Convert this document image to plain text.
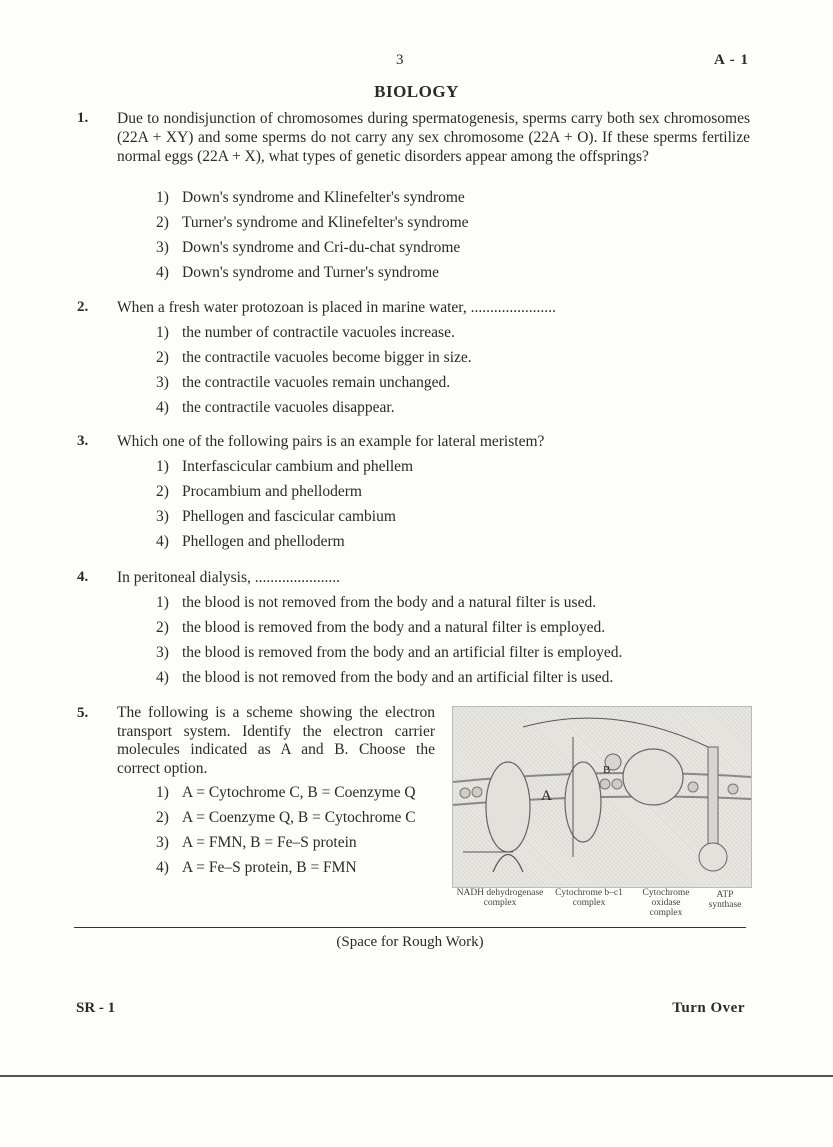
3	A - 1
BIOLOGY
1. Due to nondisjunction of chromosomes during spermatogenesis, sperms carry both sex chromosomes (22A + XY) and some sperms do not carry any sex chromosome (22A + O). If these sperms fertilize normal eggs (22A + X), what types of genetic disorders appear among the offsprings?
1) Down's syndrome and Klinefelter's syndrome
2) Turner's syndrome and Klinefelter's syndrome
3) Down's syndrome and Cri-du-chat syndrome
4) Down's syndrome and Turner's syndrome
2. When a fresh water protozoan is placed in marine water, ......................
1) the number of contractile vacuoles increase.
2) the contractile vacuoles become bigger in size.
3) the contractile vacuoles remain unchanged.
4) the contractile vacuoles disappear.
3. Which one of the following pairs is an example for lateral meristem?
1) Interfascicular cambium and phellem
2) Procambium and phelloderm
3) Phellogen and fascicular cambium
4) Phellogen and phelloderm
4. In peritoneal dialysis, ......................
1) the blood is not removed from the body and a natural filter is used.
2) the blood is removed from the body and a natural filter is employed.
3) the blood is removed from the body and an artificial filter is employed.
4) the blood is not removed from the body and an artificial filter is used.
5. The following is a scheme showing the electron transport system. Identify the electron carrier molecules indicated as A and B. Choose the correct option.
1) A = Cytochrome C, B = Coenzyme Q
2) A = Coenzyme Q, B = Cytochrome C
3) A = FMN, B = Fe–S protein
4) A = Fe–S protein, B = FMN
A
B
NADH dehydrogenase complex
Cytochrome b–c1 complex
Cytochrome oxidase complex
ATP synthase
(Space for Rough Work)
SR - 1	Turn Over
